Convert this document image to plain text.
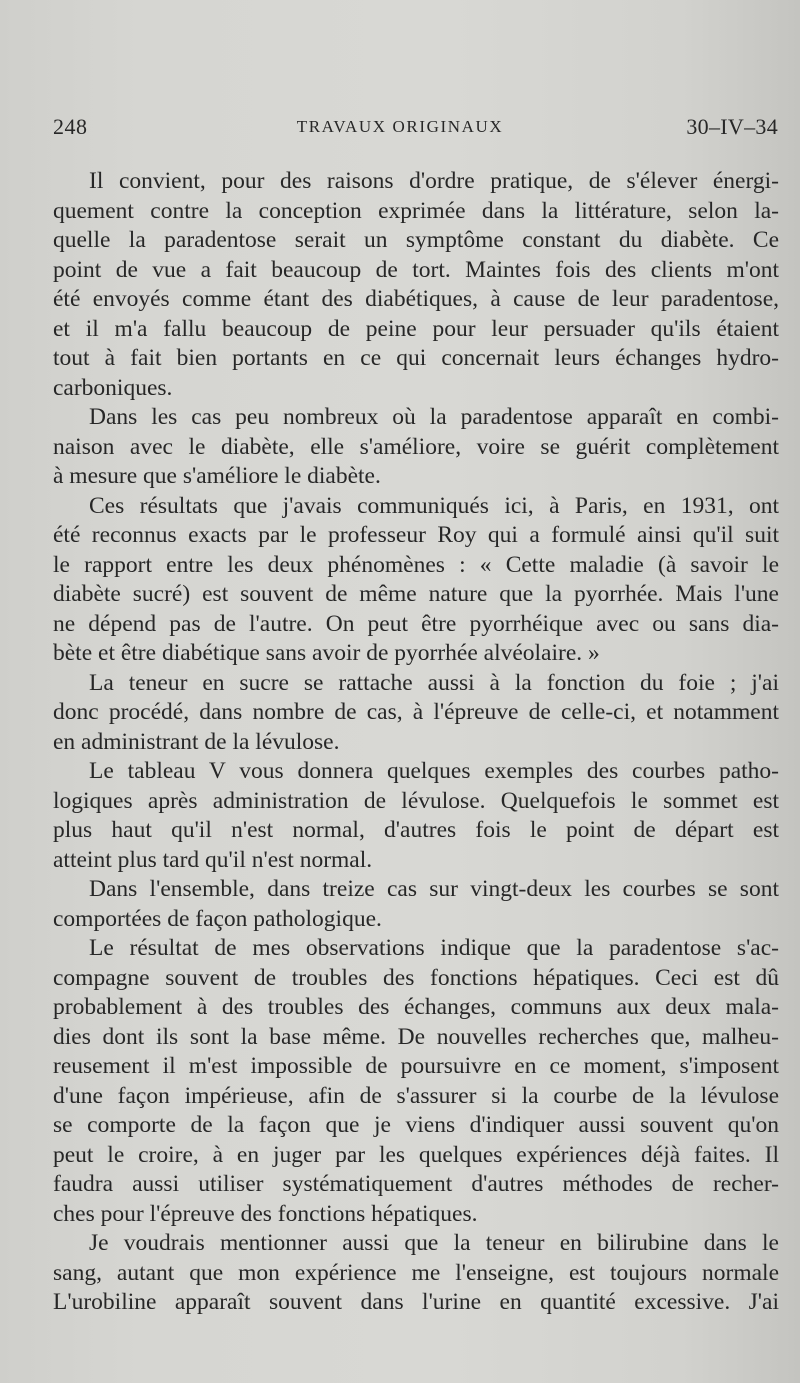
248	TRAVAUX ORIGINAUX	30–IV–34
Il convient, pour des raisons d'ordre pratique, de s'élever énergi-
quement contre la conception exprimée dans la littérature, selon la-
quelle la paradentose serait un symptôme constant du diabète. Ce
point de vue a fait beaucoup de tort. Maintes fois des clients m'ont
été envoyés comme étant des diabétiques, à cause de leur paradentose,
et il m'a fallu beaucoup de peine pour leur persuader qu'ils étaient
tout à fait bien portants en ce qui concernait leurs échanges hydro-
carboniques.
Dans les cas peu nombreux où la paradentose apparaît en combi-
naison avec le diabète, elle s'améliore, voire se guérit complètement
à mesure que s'améliore le diabète.
Ces résultats que j'avais communiqués ici, à Paris, en 1931, ont
été reconnus exacts par le professeur Roy qui a formulé ainsi qu'il suit
le rapport entre les deux phénomènes : « Cette maladie (à savoir le
diabète sucré) est souvent de même nature que la pyorrhée. Mais l'une
ne dépend pas de l'autre. On peut être pyorrhéique avec ou sans dia-
bète et être diabétique sans avoir de pyorrhée alvéolaire. »
La teneur en sucre se rattache aussi à la fonction du foie ; j'ai
donc procédé, dans nombre de cas, à l'épreuve de celle-ci, et notamment
en administrant de la lévulose.
Le tableau V vous donnera quelques exemples des courbes patho-
logiques après administration de lévulose. Quelquefois le sommet est
plus haut qu'il n'est normal, d'autres fois le point de départ est
atteint plus tard qu'il n'est normal.
Dans l'ensemble, dans treize cas sur vingt-deux les courbes se sont
comportées de façon pathologique.
Le résultat de mes observations indique que la paradentose s'ac-
compagne souvent de troubles des fonctions hépatiques. Ceci est dû
probablement à des troubles des échanges, communs aux deux mala-
dies dont ils sont la base même. De nouvelles recherches que, malheu-
reusement il m'est impossible de poursuivre en ce moment, s'imposent
d'une façon impérieuse, afin de s'assurer si la courbe de la lévulose
se comporte de la façon que je viens d'indiquer aussi souvent qu'on
peut le croire, à en juger par les quelques expériences déjà faites. Il
faudra aussi utiliser systématiquement d'autres méthodes de recher-
ches pour l'épreuve des fonctions hépatiques.
Je voudrais mentionner aussi que la teneur en bilirubine dans le
sang, autant que mon expérience me l'enseigne, est toujours normale
L'urobiline apparaît souvent dans l'urine en quantité excessive. J'ai
